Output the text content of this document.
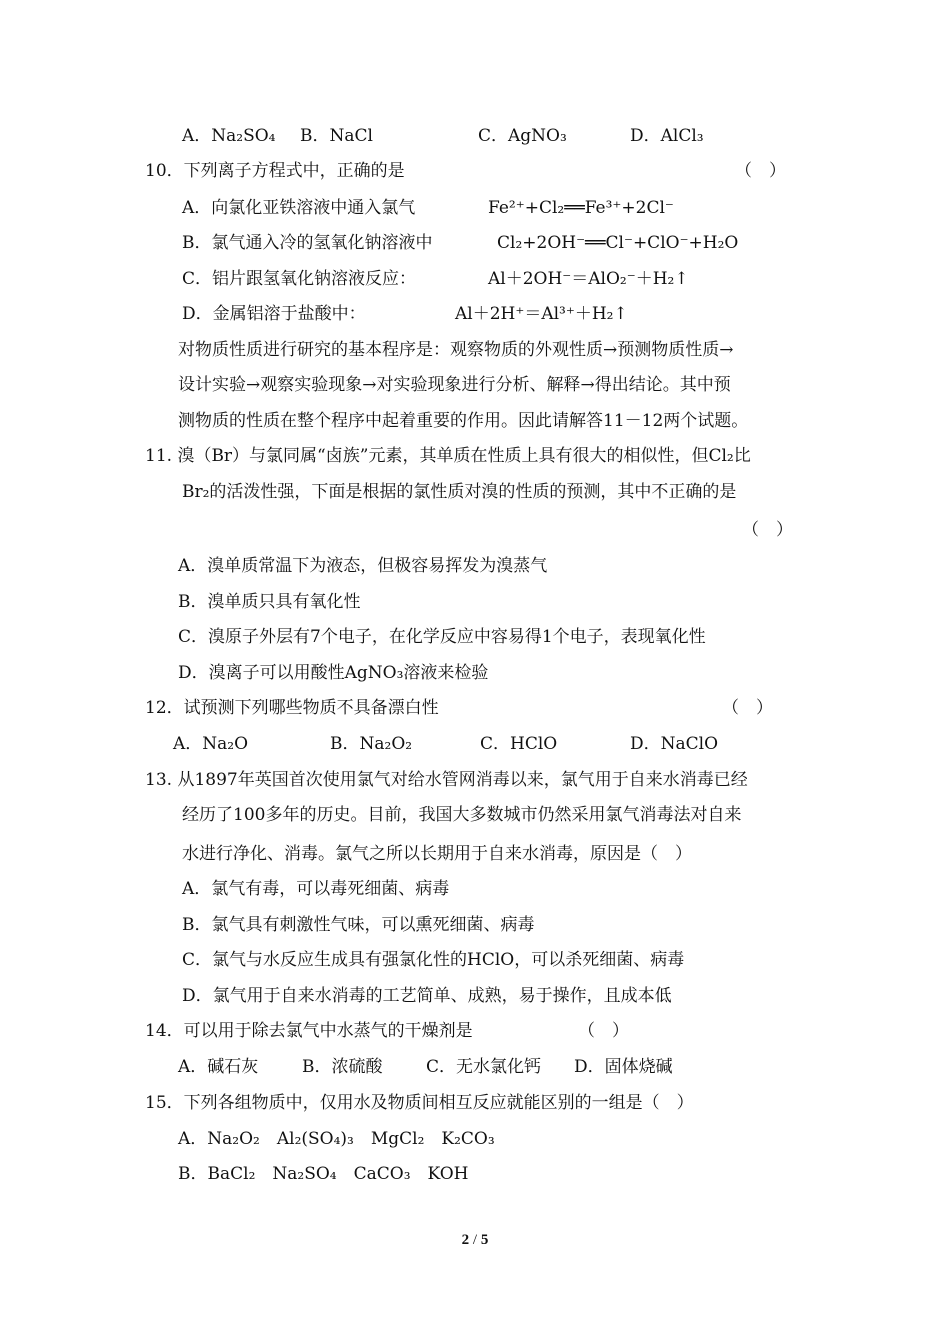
A．Na₂SO₄ B．NaCl	C．AgNO₃	D．AlCl₃
10．下列离子方程式中，正确的是	（　）
A．向氯化亚铁溶液中通入氯气	Fe²⁺+Cl₂══Fe³⁺+2Cl⁻
B．氯气通入冷的氢氧化钠溶液中	Cl₂+2OH⁻══Cl⁻+ClO⁻+H₂O
C．铝片跟氢氧化钠溶液反应：	Al＋2OH⁻＝AlO₂⁻＋H₂↑
D．金属铝溶于盐酸中：	Al＋2H⁺＝Al³⁺＋H₂↑
对物质性质进行研究的基本程序是：观察物质的外观性质→预测物质性质→
设计实验→观察实验现象→对实验现象进行分析、解释→得出结论。其中预
测物质的性质在整个程序中起着重要的作用。因此请解答11－12两个试题。
11. 溴（Br）与氯同属“卤族”元素，其单质在性质上具有很大的相似性，但Cl₂比
Br₂的活泼性强，下面是根据的氯性质对溴的性质的预测，其中不正确的是
（　）
A．溴单质常温下为液态，但极容易挥发为溴蒸气
B．溴单质只具有氧化性
C．溴原子外层有7个电子，在化学反应中容易得1个电子，表现氧化性
D．溴离子可以用酸性AgNO₃溶液来检验
12．试预测下列哪些物质不具备漂白性	（　）
A．Na₂O	B．Na₂O₂	C．HClO	D．NaClO
13. 从1897年英国首次使用氯气对给水管网消毒以来，氯气用于自来水消毒已经
经历了100多年的历史。目前，我国大多数城市仍然采用氯气消毒法对自来
水进行净化、消毒。氯气之所以长期用于自来水消毒，原因是（　）
A．氯气有毒，可以毒死细菌、病毒
B．氯气具有刺激性气味，可以熏死细菌、病毒
C．氯气与水反应生成具有强氯化性的HClO，可以杀死细菌、病毒
D．氯气用于自来水消毒的工艺简单、成熟，易于操作，且成本低
14．可以用于除去氯气中水蒸气的干燥剂是	（　）
A．碱石灰	B．浓硫酸	C．无水氯化钙 D．固体烧碱
15．下列各组物质中，仅用水及物质间相互反应就能区别的一组是（　）
A．Na₂O₂　Al₂(SO₄)₃　MgCl₂　K₂CO₃
B．BaCl₂　Na₂SO₄　CaCO₃　KOH
2 / 5
